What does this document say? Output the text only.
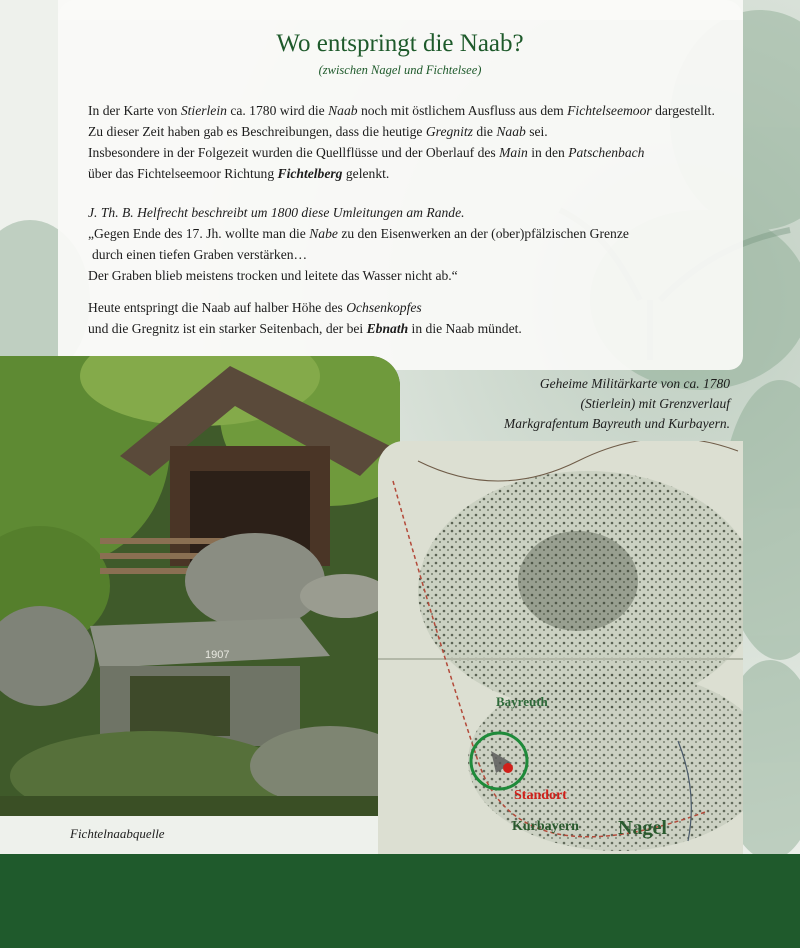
Wo entspringt die Naab?
(zwischen Nagel und Fichtelsee)
In der Karte von Stierlein ca. 1780 wird die Naab noch mit östlichem Ausfluss aus dem Fichtelseemoor dargestellt.
Zu dieser Zeit haben gab es Beschreibungen, dass die heutige Gregnitz die Naab sei.
Insbesondere in der Folgezeit wurden die Quellflüsse und der Oberlauf des Main in den Patschenbach
über das Fichtelseemoor Richtung Fichtelberg gelenkt.
J. Th. B. Helfrecht beschreibt um 1800 diese Umleitungen am Rande.
„Gegen Ende des 17. Jh. wollte man die Nabe zu den Eisenwerken an der (ober)pfälzischen Grenze
durch einen tiefen Graben verstärken…
Der Graben blieb meistens trocken und leitete das Wasser nicht ab.“
Heute entspringt die Naab auf halber Höhe des Ochsenkopfes
und die Gregnitz ist ein starker Seitenbach, der bei Ebnath in die Naab mündet.
Geheime Militärkarte von ca. 1780
(Stierlein) mit Grenzverlauf
Markgrafentum Bayreuth und Kurbayern.
1907
Fichtelnaabquelle
Bayreuth
Standort
Kurbayern Nagel
